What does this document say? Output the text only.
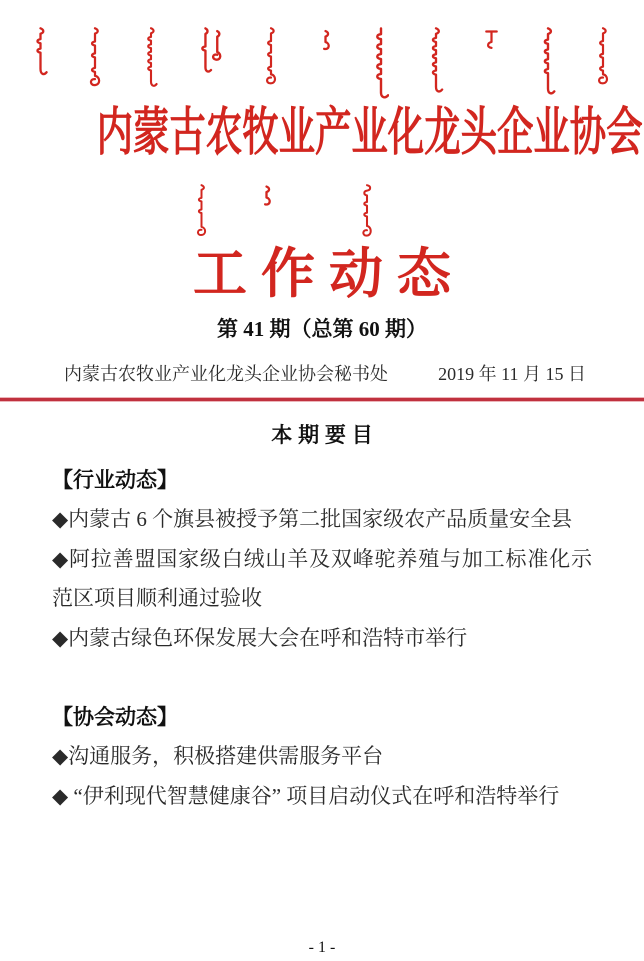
内蒙古农牧业产业化龙头企业协会
工作动态
第 41 期（总第 60 期）
内蒙古农牧业产业化龙头企业协会秘书处	2019 年 11 月 15 日
本 期 要 目
【行业动态】
◆内蒙古 6 个旗县被授予第二批国家级农产品质量安全县
◆阿拉善盟国家级白绒山羊及双峰驼养殖与加工标准化示范区项目顺利通过验收
◆内蒙古绿色环保发展大会在呼和浩特市举行
【协会动态】
◆沟通服务，积极搭建供需服务平台
◆ “伊利现代智慧健康谷” 项目启动仪式在呼和浩特举行
- 1 -
